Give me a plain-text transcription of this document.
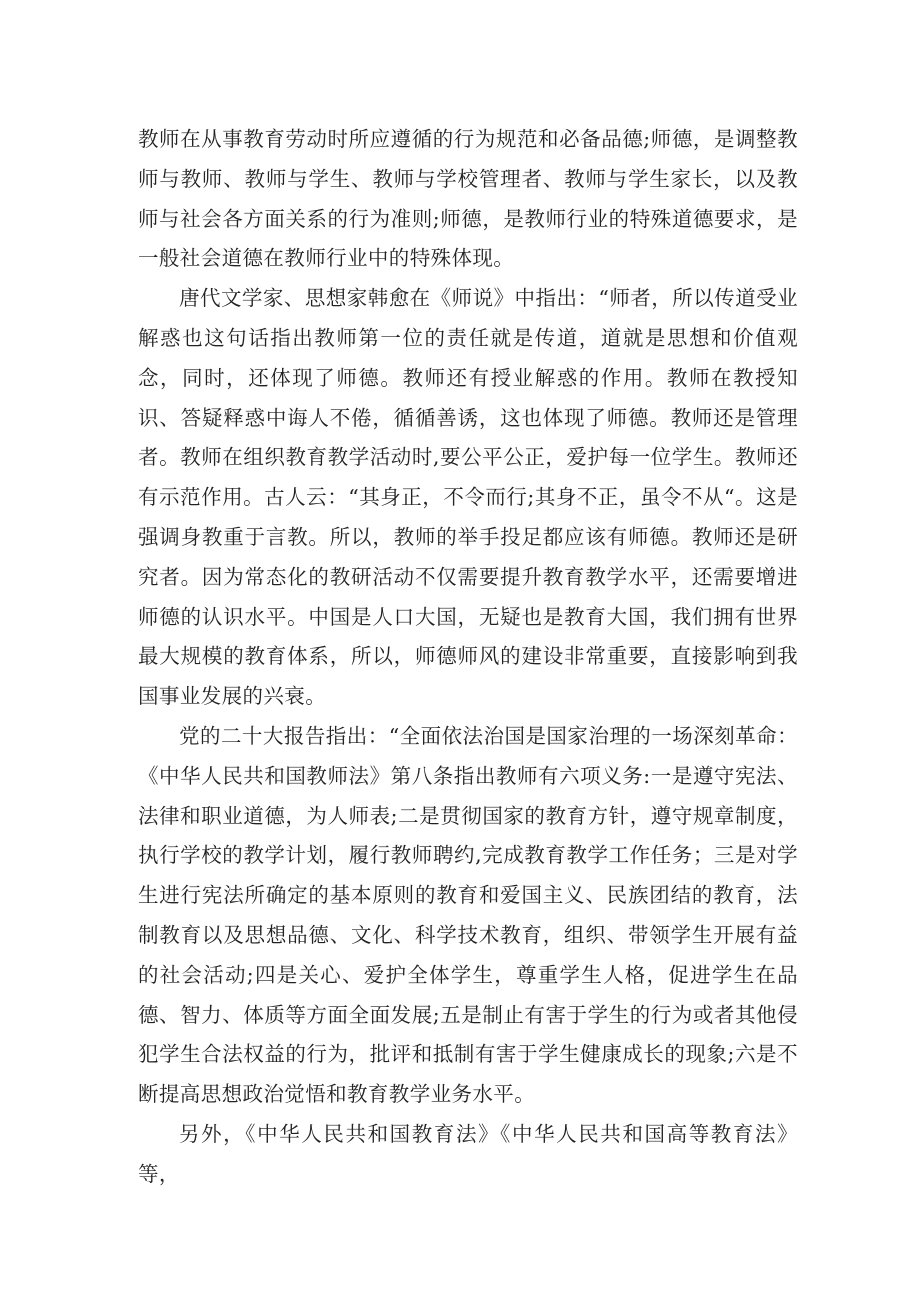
教师在从事教育劳动时所应遵循的行为规范和必备品德;师德，是调整教师与教师、教师与学生、教师与学校管理者、教师与学生家长，以及教师与社会各方面关系的行为准则;师德，是教师行业的特殊道德要求，是一般社会道德在教师行业中的特殊体现。

唐代文学家、思想家韩愈在《师说》中指出：“师者，所以传道受业解惑也这句话指出教师第一位的责任就是传道，道就是思想和价值观念，同时，还体现了师德。教师还有授业解惑的作用。教师在教授知识、答疑释惑中诲人不倦，循循善诱，这也体现了师德。教师还是管理者。教师在组织教育教学活动时,要公平公正，爱护每一位学生。教师还有示范作用。古人云：“其身正，不令而行;其身不正，虽令不从“。这是强调身教重于言教。所以，教师的举手投足都应该有师德。教师还是研究者。因为常态化的教研活动不仅需要提升教育教学水平，还需要增进师德的认识水平。中国是人口大国，无疑也是教育大国，我们拥有世界最大规模的教育体系，所以，师德师风的建设非常重要，直接影响到我国事业发展的兴衰。

党的二十大报告指出：“全面依法治国是国家治理的一场深刻革命：《中华人民共和国教师法》第八条指出教师有六项义务:一是遵守宪法、法律和职业道德，为人师表;二是贯彻国家的教育方针，遵守规章制度，执行学校的教学计划，履行教师聘约,完成教育教学工作任务；三是对学生进行宪法所确定的基本原则的教育和爱国主义、民族团结的教育，法制教育以及思想品德、文化、科学技术教育，组织、带领学生开展有益的社会活动;四是关心、爱护全体学生，尊重学生人格，促进学生在品德、智力、体质等方面全面发展;五是制止有害于学生的行为或者其他侵犯学生合法权益的行为，批评和抵制有害于学生健康成长的现象;六是不断提高思想政治觉悟和教育教学业务水平。

另外，《中华人民共和国教育法》《中华人民共和国高等教育法》等，
